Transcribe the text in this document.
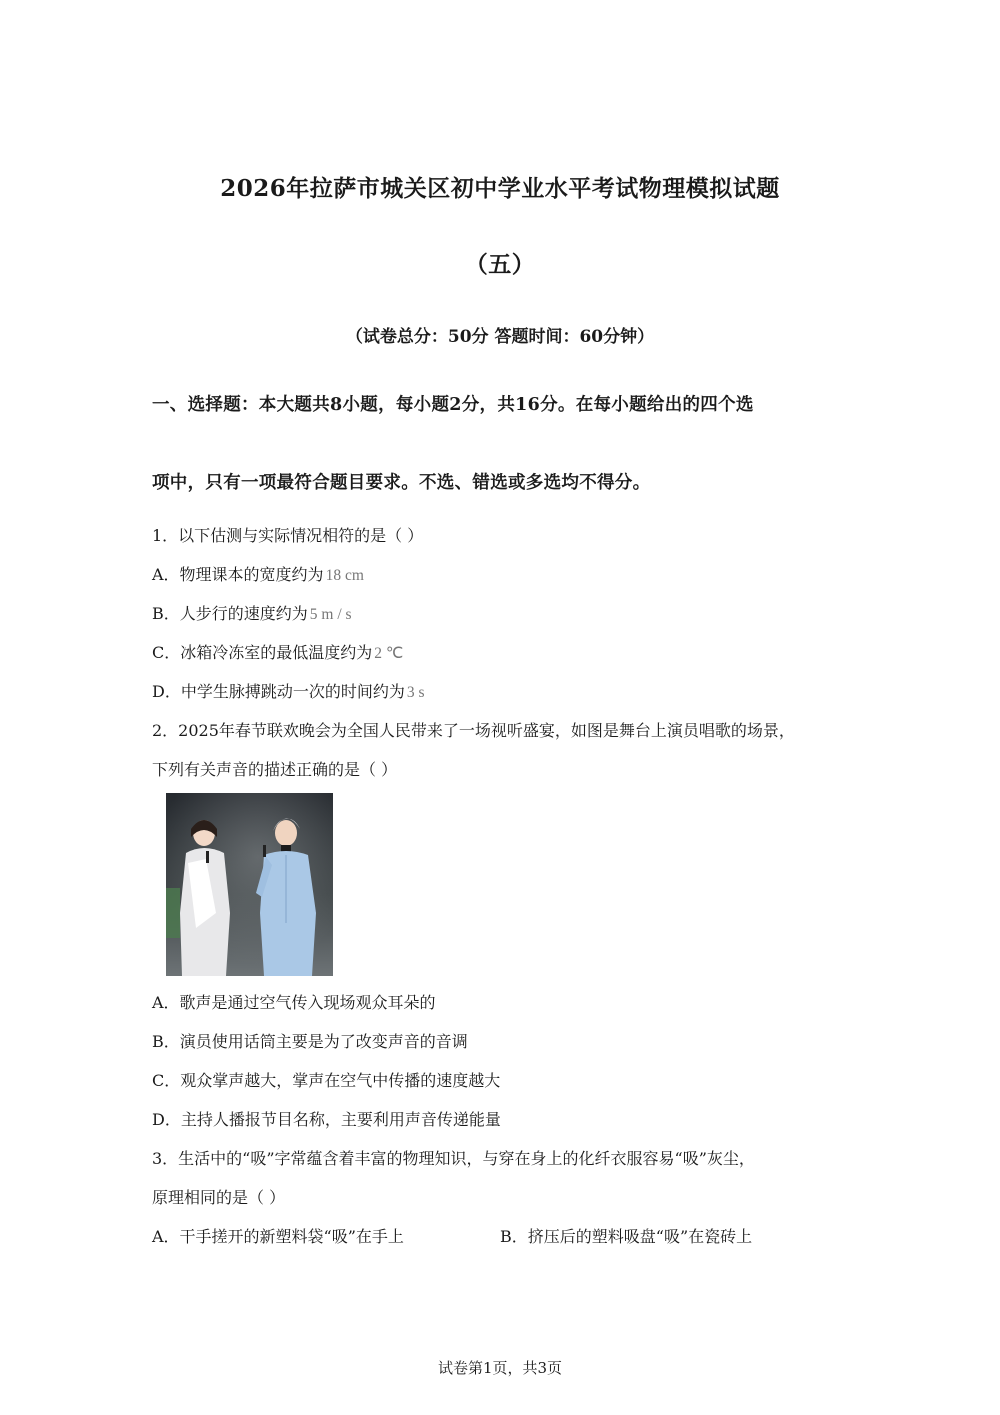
2026年拉萨市城关区初中学业水平考试物理模拟试题
（五）
（试卷总分：50分 答题时间：60分钟）
一、选择题：本大题共8小题，每小题2分，共16分。在每小题给出的四个选
项中，只有一项最符合题目要求。不选、错选或多选均不得分。
1．以下估测与实际情况相符的是（ ）
A．物理课本的宽度约为 18 cm
B．人步行的速度约为 5 m / s
C．冰箱冷冻室的最低温度约为 2 ℃
D．中学生脉搏跳动一次的时间约为 3 s
2．2025年春节联欢晚会为全国人民带来了一场视听盛宴，如图是舞台上演员唱歌的场景，
下列有关声音的描述正确的是（ ）
A．歌声是通过空气传入现场观众耳朵的
B．演员使用话筒主要是为了改变声音的音调
C．观众掌声越大，掌声在空气中传播的速度越大
D．主持人播报节目名称，主要利用声音传递能量
3．生活中的“吸”字常蕴含着丰富的物理知识，与穿在身上的化纤衣服容易“吸”灰尘，
原理相同的是（ ）
A．干手搓开的新塑料袋“吸”在手上	B．挤压后的塑料吸盘“吸”在瓷砖上
试卷第1页，共3页
